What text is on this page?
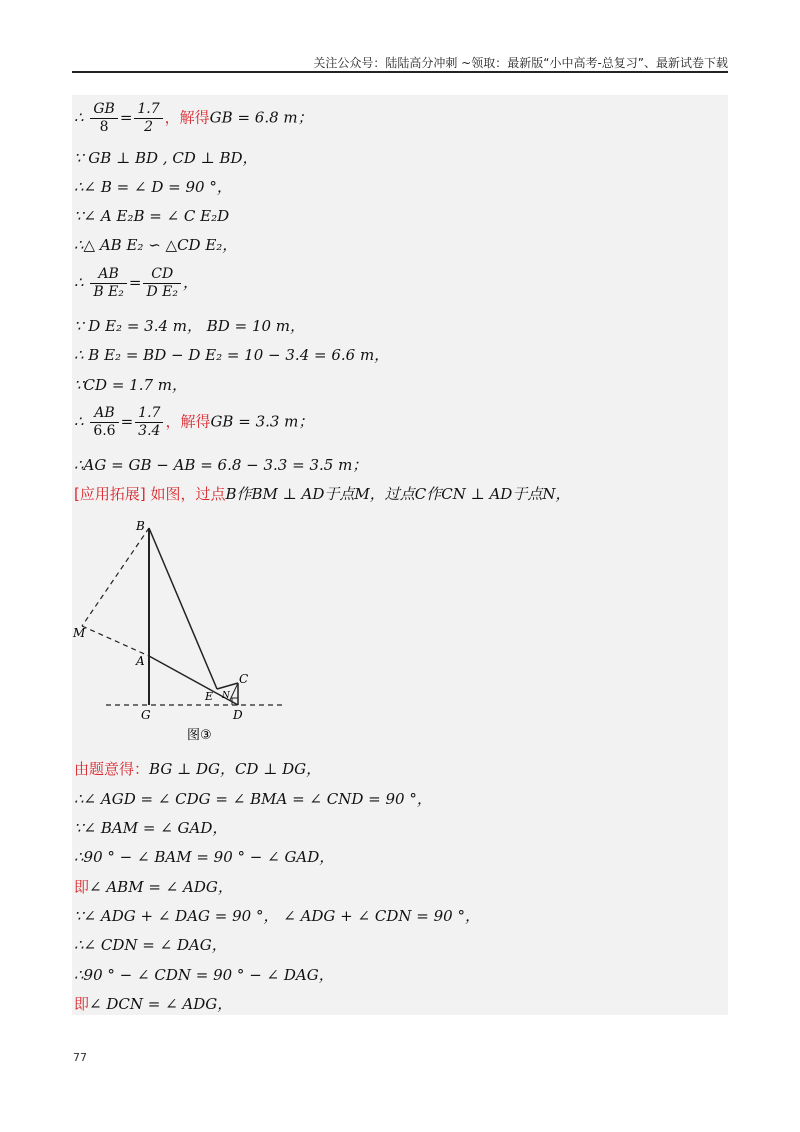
关注公众号：陆陆高分冲刺 ~领取：最新版“小中高考-总复习”、最新试卷下载
∴ $\frac{GB}{8} = \frac{1.7}{2}$ ，解得GB = 6.8 m；
∵ GB ⊥ BD , CD ⊥ BD，
∴∠ B = ∠ D = 90 °，
∵∠ A E₂B = ∠ C E₂D
∴△ AB E₂ ∽ △CD E₂，
∴ $\frac{AB}{\text{B E₂}} = \frac{CD}{\text{D E₂}}$ ，
∵ D E₂ = 3.4 m， BD = 10 m，
∴ B E₂ = BD − D E₂ = 10 − 3.4 = 6.6 m，
∵CD = 1.7 m，
∴ $\frac{AB}{6.6} = \frac{1.7}{3.4}$ ，解得GB = 3.3 m；
∴AG = GB − AB = 6.8 − 3.3 = 3.5 m；
[应用拓展] 如图，过点B作BM ⊥ AD于点M，过点C作CN ⊥ AD于点N，
B
M
A
E N
C
G	D
图③
由题意得：BG ⊥ DG，CD ⊥ DG，
∴∠ AGD = ∠ CDG = ∠ BMA = ∠ CND = 90 °，
∵∠ BAM = ∠ GAD，
∴90 ° − ∠ BAM = 90 ° − ∠ GAD，
即∠ ABM = ∠ ADG，
∵∠ ADG + ∠ DAG = 90 °， ∠ ADG + ∠ CDN = 90 °，
∴∠ CDN = ∠ DAG，
∴90 ° − ∠ CDN = 90 ° − ∠ DAG，
即∠ DCN = ∠ ADG，
77
